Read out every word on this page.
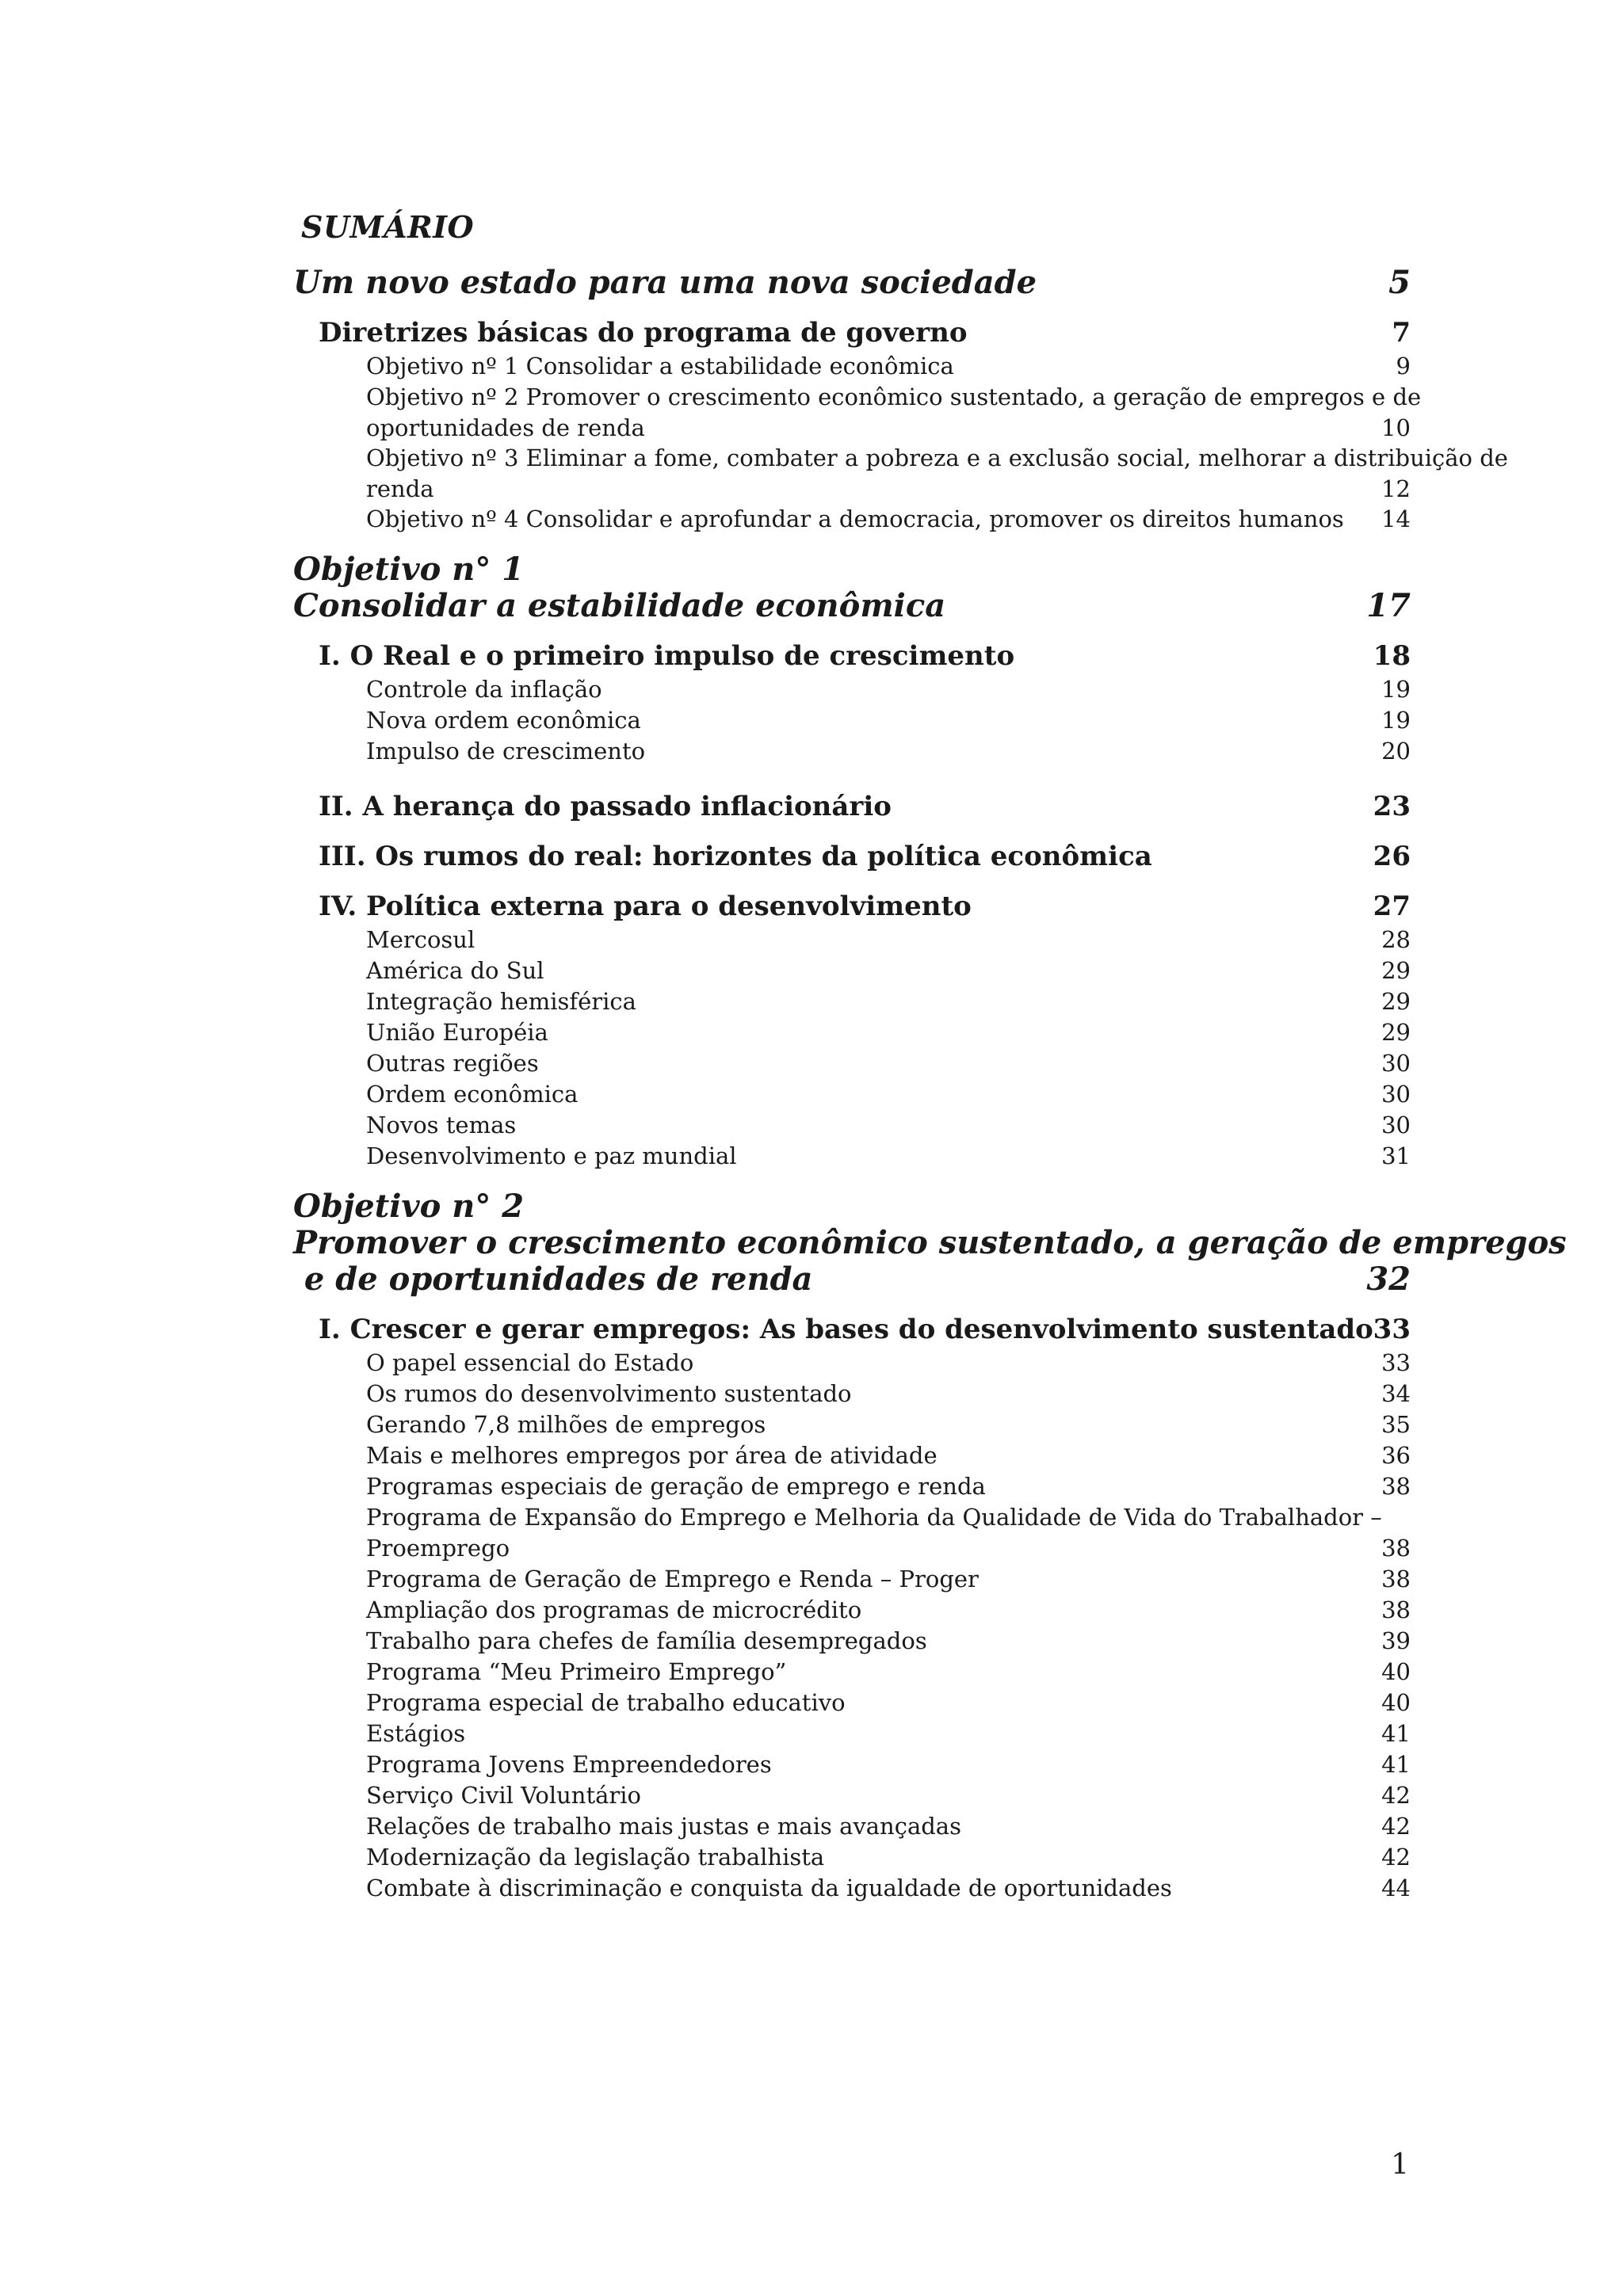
SUMÁRIO
Um novo estado para uma nova sociedade	5
Diretrizes básicas do programa de governo	7
Objetivo nº 1 Consolidar a estabilidade econômica	9
Objetivo nº 2 Promover o crescimento econômico sustentado, a geração de empregos e de
oportunidades de renda	10
Objetivo nº 3 Eliminar a fome, combater a pobreza e a exclusão social, melhorar a distribuição de
renda	12
Objetivo nº 4 Consolidar e aprofundar a democracia, promover os direitos humanos	14
Objetivo n° 1
Consolidar a estabilidade econômica	17
I. O Real e o primeiro impulso de crescimento	18
Controle da inflação	19
Nova ordem econômica	19
Impulso de crescimento	20
II. A herança do passado inflacionário	23
III. Os rumos do real: horizontes da política econômica	26
IV. Política externa para o desenvolvimento	27
Mercosul	28
América do Sul	29
Integração hemisférica	29
União Européia	29
Outras regiões	30
Ordem econômica	30
Novos temas	30
Desenvolvimento e paz mundial	31
Objetivo n° 2
Promover o crescimento econômico sustentado, a geração de empregos
e de oportunidades de renda	32
I. Crescer e gerar empregos: As bases do desenvolvimento sustentado 33
O papel essencial do Estado	33
Os rumos do desenvolvimento sustentado	34
Gerando 7,8 milhões de empregos	35
Mais e melhores empregos por área de atividade	36
Programas especiais de geração de emprego e renda	38
Programa de Expansão do Emprego e Melhoria da Qualidade de Vida do Trabalhador –
Proemprego	38
Programa de Geração de Emprego e Renda – Proger	38
Ampliação dos programas de microcrédito	38
Trabalho para chefes de família desempregados	39
Programa “Meu Primeiro Emprego”	40
Programa especial de trabalho educativo	40
Estágios	41
Programa Jovens Empreendedores	41
Serviço Civil Voluntário	42
Relações de trabalho mais justas e mais avançadas	42
Modernização da legislação trabalhista	42
Combate à discriminação e conquista da igualdade de oportunidades	44
1
